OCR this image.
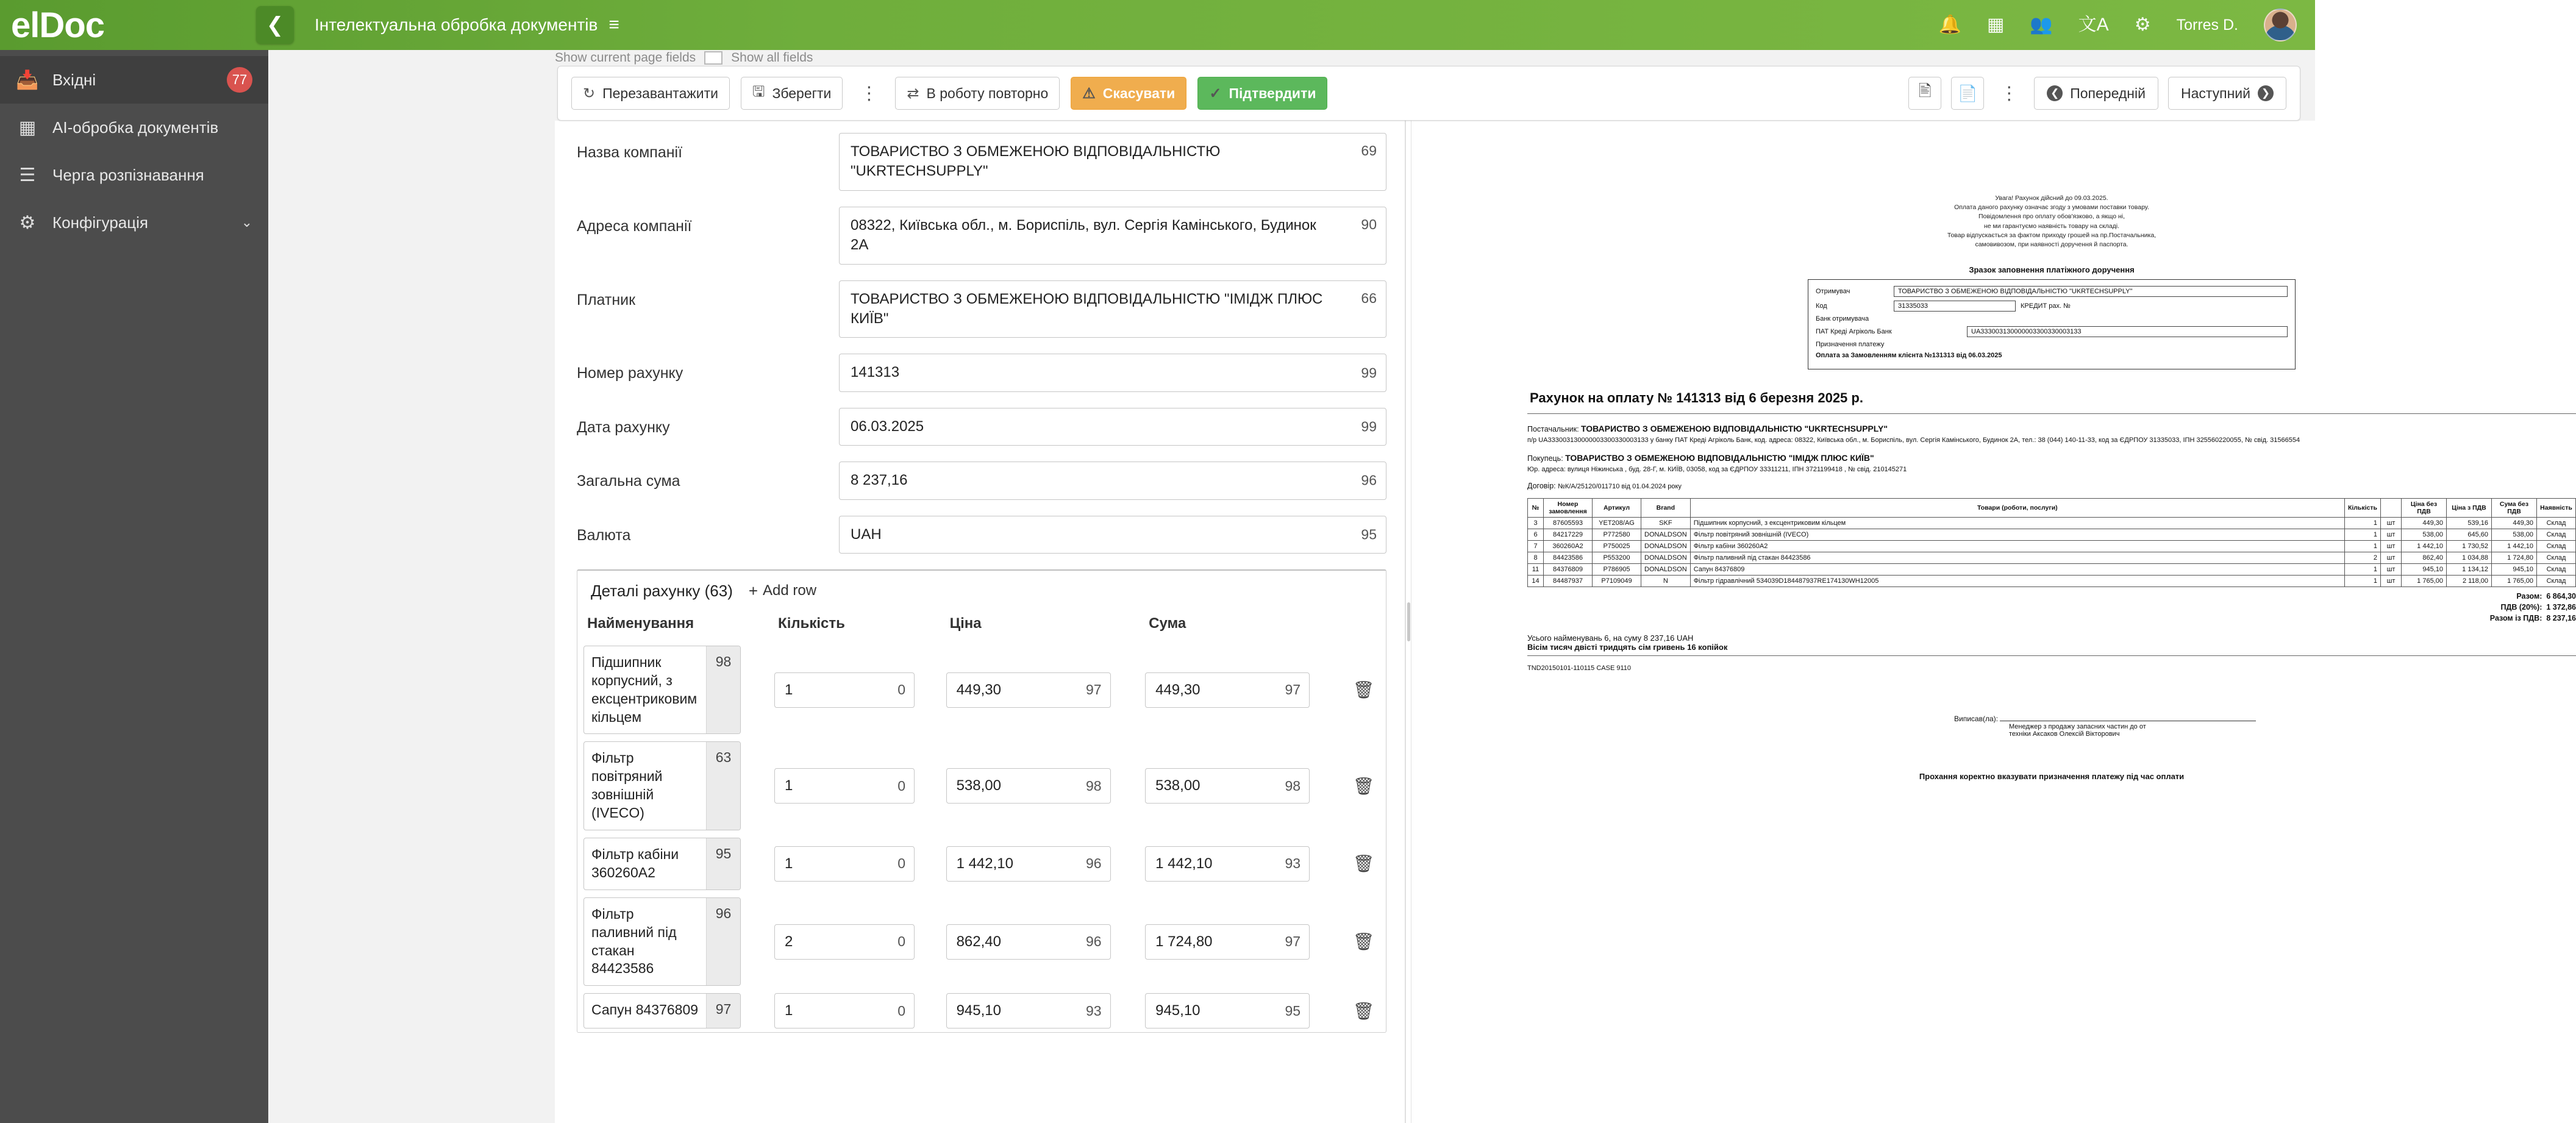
el Doc	❮	Інтелектуальна обробка документів ≡	🔔 ▦ 👥 文A ⚙ Torres D.
📥 Вхідні	77
▦ AI-обробка документів
☰ Черга розпізнавання
⚙ Конфігурація	⌄
Show current page fields	Show all fields
↻ Перезавантажити 🖫 Зберегти	⋮	⇄ В роботу повторно ⚠ Скасувати ✓ Підтвердити	🖹	📄	⋮	❮ Попередній	Наступний	❯
Назва компанії	ТОВАРИСТВО З ОБМЕЖЕНОЮ ВІДПОВІДАЛЬНІСТЮ "UKRTECHSUPPLY"
69
Адреса компанії	08322, Київська обл., м. Бориспіль, вул. Сергія Камінського, Будинок 2А
90
Платник	ТОВАРИСТВО З ОБМЕЖЕНОЮ ВІДПОВІДАЛЬНІСТЮ "ІМІДЖ ПЛЮС КИЇВ"
66
Номер рахунку	141313	99
Дата рахунку	06.03.2025	99
Загальна сума	8 237,16	96
Валюта	UAH	95
Деталі рахунку (63) + Add row
Найменування	Кількість	Ціна	Сума	

Підшипник корпусний, з ексцентриковим кільцем
98	1 0	449,30 97	449,30 97	🗑

Фільтр повітряний зовнішній (IVECO)
63	1 0	538,00 98	538,00 98	🗑

Фільтр кабіни 360260A2
95	1 0	1 442,10 96	1 442,10 93	🗑

Фільтр паливний під стакан 84423586
96	2 0	862,40 96	1 724,80 97	🗑

Сапун 84376809 97	1 0	945,10 93	945,10 95	🗑
Увага! Рахунок дійсний до 09.03.2025.
Оплата даного рахунку означає згоду з умовами поставки товару.
Повідомлення про оплату обов'язково, а якщо ні,
не ми гарантуємо наявність товару на складі.
Товар відпускається за фактом приходу грошей на пр.Постачальника,
самовивозом, при наявності доручення й паспорта.
Зразок заповнення платіжного доручення
Отримувач	ТОВАРИСТВО З ОБМЕЖЕНОЮ ВІДПОВІДАЛЬНІСТЮ "UKRTECHSUPPLY"
Код	31335033	КРЕДИТ рах. №
Банк отримувача
ПАТ Кредi Агрiколь Банк	UA333003130000003300330003133
Призначення платежу
Оплата за Замовленням клієнта №131313 від 06.03.2025
Рахунок на оплату № 141313 від 6 березня 2025 р.
Постачальник: ТОВАРИСТВО З ОБМЕЖЕНОЮ ВІДПОВІДАЛЬНІСТЮ "UKRTECHSUPPLY"
п/р UA333003130000003300330003133 у банку ПАТ Кредi Агрiколь Банк, код. адреса: 08322, Київська обл., м. Бориспіль, вул. Сергія Камінського, Будинок 2А, тел.: 38 (044) 140-11-33, код за ЄДРПОУ 31335033, ІПН 325560220055, № свід. 31566554
Покупець: ТОВАРИСТВО З ОБМЕЖЕНОЮ ВІДПОВІДАЛЬНІСТЮ "ІМІДЖ ПЛЮС КИЇВ"
Юр. адреса: вулиця Ніжинська , буд. 28-Г, м. КИЇВ, 03058, код за ЄДРПОУ 33311211, ІПН 3721199418 , № свід. 210145271
Договір: №К/А/25120/011710 від 01.04.2024 року
№	Номер замовлення	Артикул	Brand	Товари (роботи, послуги)	Кількість		Ціна без ПДВ	Ціна з ПДВ	Сума без ПДВ	Наявність
3	87605593	YET208/AG	SKF	Підшипник корпусний, з ексцентриковим кільцем	1	шт	449,30	539,16	449,30	Склад
6	84217229	P772580	DONALDSON	Фільтр повітряний зовнішній (IVECO)	1	шт	538,00	645,60	538,00	Склад
7	360260A2	P750025	DONALDSON	Фільтр кабіни 360260A2	1	шт	1 442,10	1 730,52	1 442,10	Склад
8	84423586	P553200	DONALDSON	Фільтр паливний під стакан 84423586	2	шт	862,40	1 034,88	1 724,80	Склад
11	84376809	P786905	DONALDSON	Сапун 84376809	1	шт	945,10	1 134,12	945,10	Склад
14	84487937	P7109049	N	Фільтр гідравлічний 534039D184487937RE174130WH12005	1	шт	1 765,00	2 118,00	1 765,00	Склад
Разом: 6 864,30
ПДВ (20%): 1 372,86
Разом із ПДВ: 8 237,16
Усього найменувань 6, на суму 8 237,16 UAH
Вісім тисяч двісті тридцять сім гривень 16 копійок
TND20150101-110115 CASE 9110
Виписав(ла):
Менеджер з продажу запасних частин до от
техніки Аксаков Олексій Вікторович
Прохання коректно вказувати призначення платежу під час оплати
